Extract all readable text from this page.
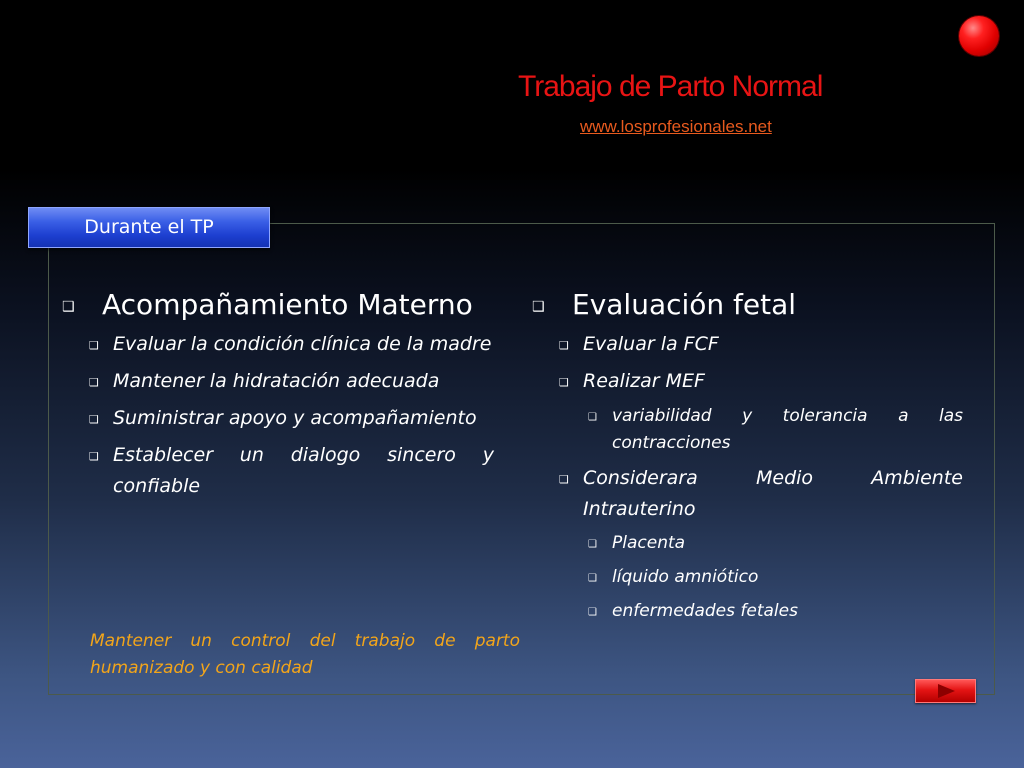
Trabajo de Parto Normal
www.losprofesionales.net
Durante el TP
❑ Acompañamiento Materno
❑ Evaluar la condición clínica de la madre
❑ Mantener la hidratación adecuada
❑ Suministrar apoyo y acompañamiento
❑ Establecer un dialogo sincero y confiable
❑ Evaluación fetal
❑ Evaluar la FCF
❑ Realizar MEF
❑ variabilidad y tolerancia a las contracciones
❑ Considerara Medio Ambiente Intrauterino
❑ Placenta
❑ líquido amniótico
❑ enfermedades fetales
Mantener un control del trabajo de parto humanizado y con calidad
